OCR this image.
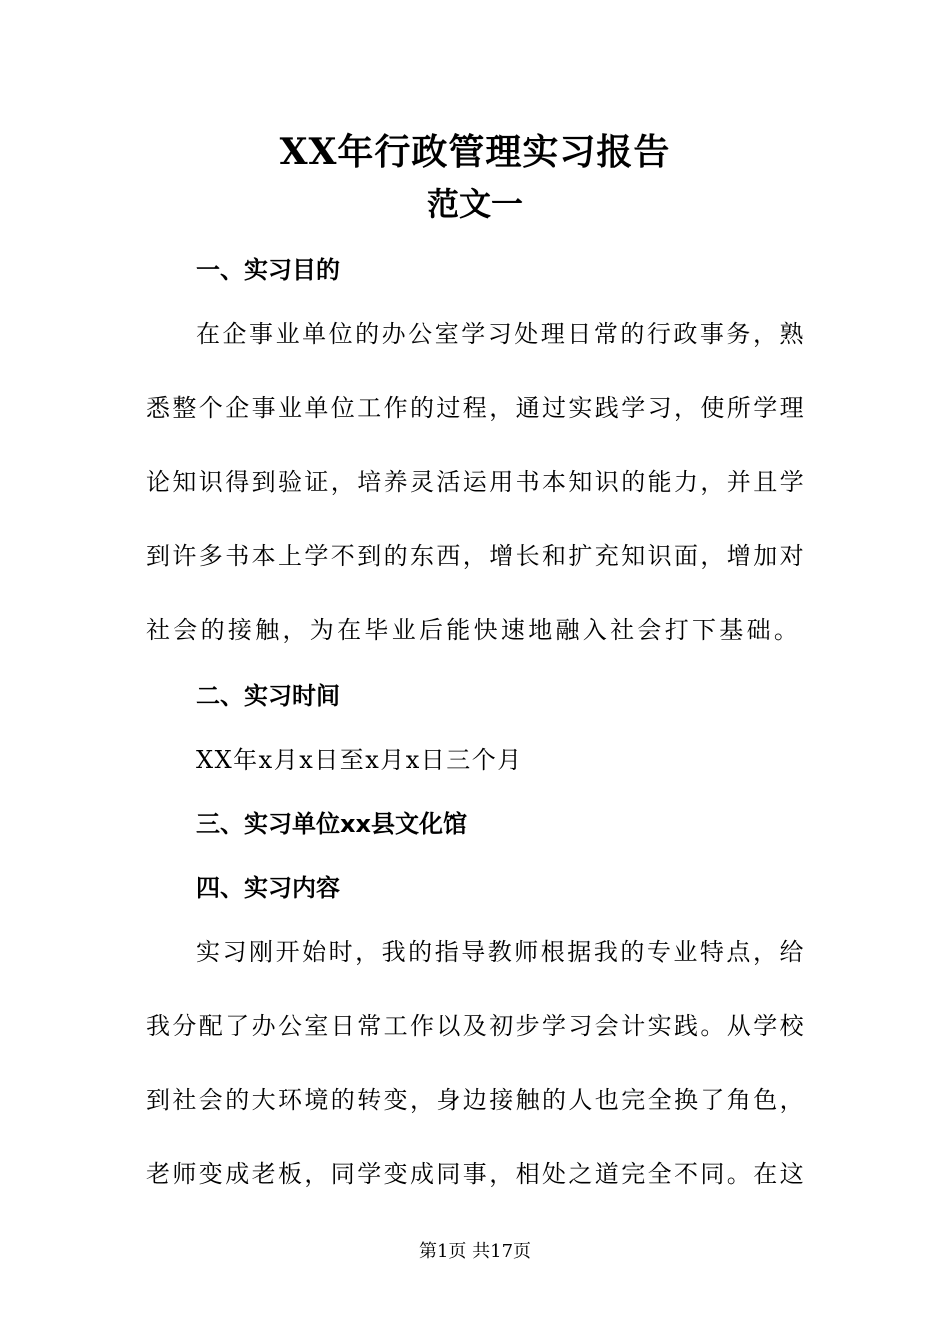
XX年行政管理实习报告
范文一
一、实习目的
在企事业单位的办公室学习处理日常的行政事务，熟
悉整个企事业单位工作的过程，通过实践学习，使所学理
论知识得到验证，培养灵活运用书本知识的能力，并且学
到许多书本上学不到的东西，增长和扩充知识面，增加对
社会的接触，为在毕业后能快速地融入社会打下基础。
二、实习时间
XX年x月x日至x月x日三个月
三、实习单位xx县文化馆
四、实习内容
实习刚开始时，我的指导教师根据我的专业特点，给
我分配了办公室日常工作以及初步学习会计实践。从学校
到社会的大环境的转变，身边接触的人也完全换了角色，
老师变成老板，同学变成同事，相处之道完全不同。在这
第1页 共17页
